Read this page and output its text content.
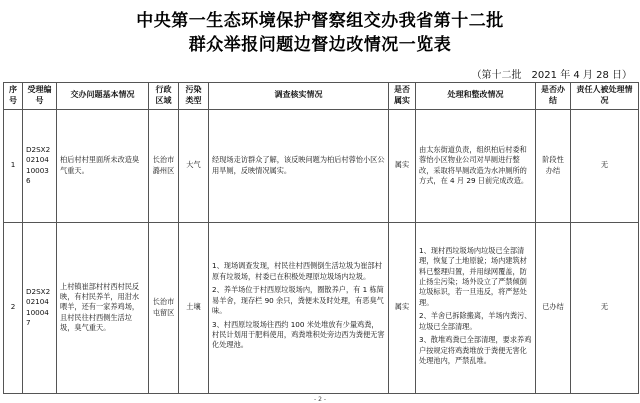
中央第一生态环境保护督察组交办我省第十二批
群众举报问题边督边改情况一览表
（第十二批　2021 年 4 月 28 日）
序号	受理编号	交办问题基本情况	行政区域	污染类型	调查核实情况	是否属实	处理和整改情况	是否办结	责任人被处理情况
1	D2SX202104100036	柏后村村里面所未改造臭气重天。	长治市潞州区	大气	经现场走访群众了解，该反映问题为柏后村蓉怡小区公用旱厕，反映情况属实。	属实	由太东街道负责，组织柏后村委和蓉怡小区物业公司对旱厕进行整改，采取将旱厕改造为水冲厕所的方式，在 4 月 29 日前完成改造。	阶段性办结	无
2	D2SX202104100047	上村镇崔部村村西村民反映，有村民养羊，用泔水喂羊，还有一家养鸡场，且村民往村西侧生活垃圾，臭气重天。	长治市屯留区	土壤	1、现场调查发现，村民往村西侧倒生活垃圾为崔部村原有垃圾场，村委已在积极处理原垃圾场内垃圾。
2、养羊场位于村西原垃圾场内，圈散养户，有 1 栋简易羊舍，现存栏 90 余只，粪便未及时处理，有恶臭气味。
3、村西原垃圾场往西约 100 米处堆放有少量鸡粪，村民计划用于肥料使用，鸡粪堆积处旁边西为粪便无害化处理池。	属实	1、现村西垃圾场内垃圾已全部清理，恢复了土地原貌；场内建筑材料已整理归置，并用绿网覆盖，防止扬尘污染；场外设立了严禁倾倒垃圾标识，若一旦违反，将严惩处理。
2、羊舍已拆除搬离，羊场内粪污、垃圾已全部清理。
3、散堆鸡粪已全部清理，要求养鸡户按规定将鸡粪堆放于粪便无害化处理池内，严禁乱堆。	已办结	无
- 2 -
